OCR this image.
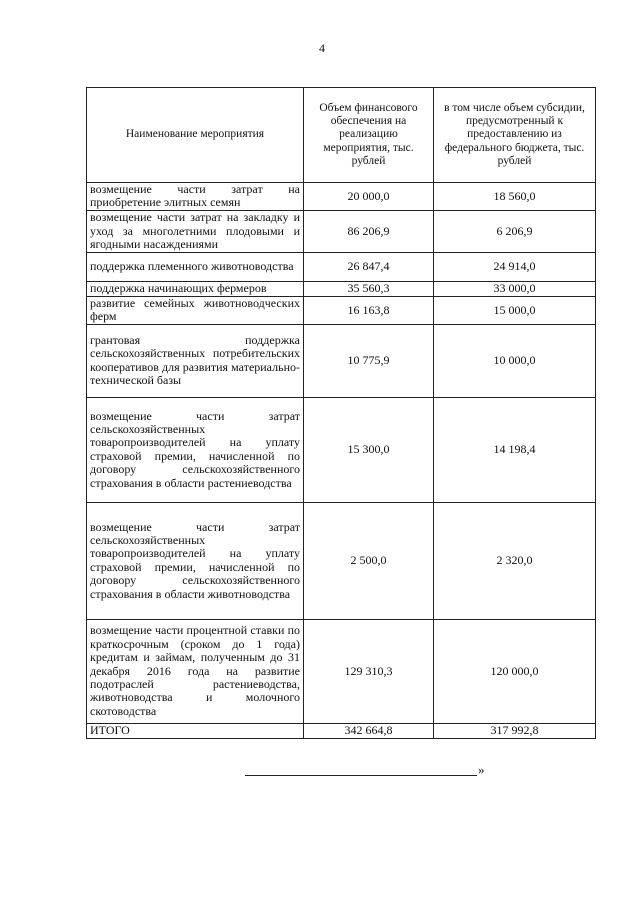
4
Наименование мероприятия	Объем финансового обеспечения на реализацию мероприятия, тыс. рублей	в том числе объем субсидии, предусмотренный к предоставлению из федерального бюджета, тыс. рублей
возмещение части затрат на приобретение элитных семян	20 000,0	18 560,0
возмещение части затрат на закладку и уход за многолетними плодовыми и ягодными насаждениями	86 206,9	6 206,9
поддержка племенного животноводства	26 847,4	24 914,0
поддержка начинающих фермеров	35 560,3	33 000,0
развитие семейных животноводческих ферм	16 163,8	15 000,0
грантовая поддержка сельскохозяйственных потребительских кооперативов для развития материально-технической базы	10 775,9	10 000,0
возмещение части затрат сельскохозяйственных товаропроизводителей на уплату страховой премии, начисленной по договору сельскохозяйственного страхования в области растениеводства	15 300,0	14 198,4
возмещение части затрат сельскохозяйственных товаропроизводителей на уплату страховой премии, начисленной по договору сельскохозяйственного страхования в области животноводства	2 500,0	2 320,0
возмещение части процентной ставки по краткосрочным (сроком до 1 года) кредитам и займам, полученным до 31 декабря 2016 года на развитие подотраслей растениеводства, животноводства и молочного скотоводства	129 310,3	120 000,0
ИТОГО	342 664,8	317 992,8
»
